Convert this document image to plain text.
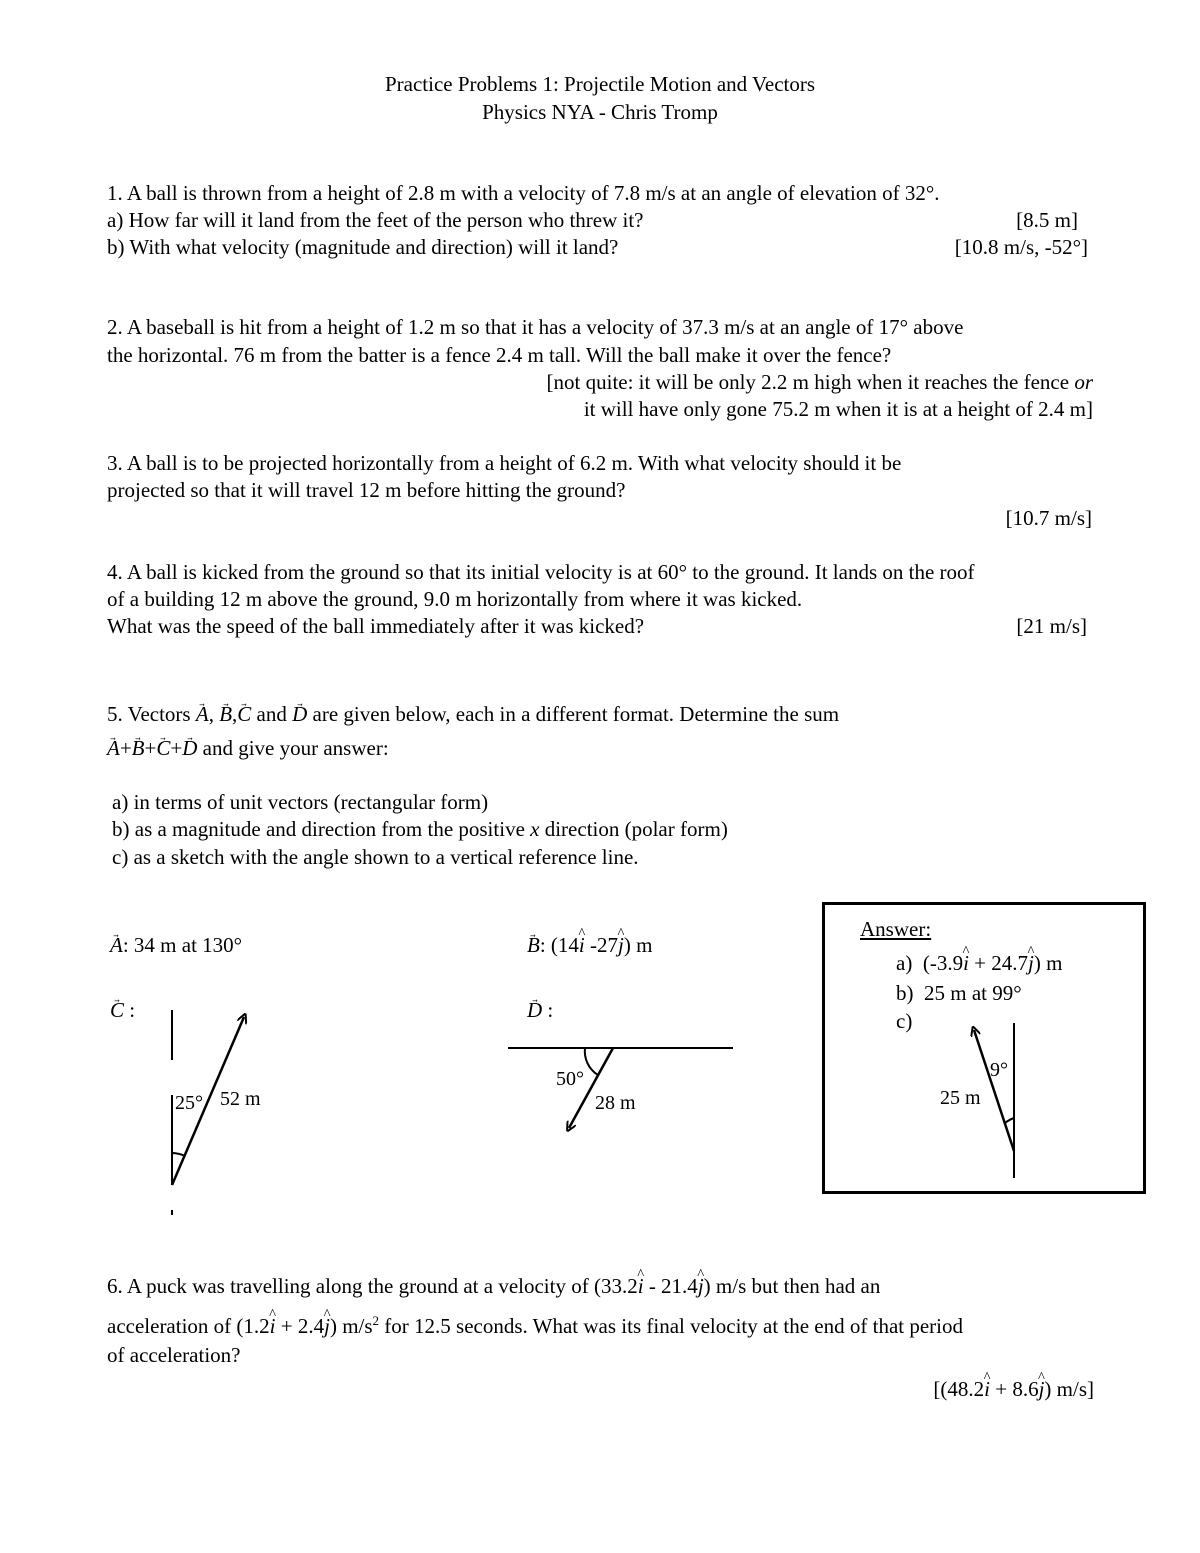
Practice Problems 1: Projectile Motion and Vectors
Physics NYA - Chris Tromp
1. A ball is thrown from a height of 2.8 m with a velocity of 7.8 m/s at an angle of elevation of 32°.
a) How far will it land from the feet of the person who threw it?	[8.5 m]
b) With what velocity (magnitude and direction) will it land?	[10.8 m/s, -52°]
2. A baseball is hit from a height of 1.2 m so that it has a velocity of 37.3 m/s at an angle of 17° above
the horizontal. 76 m from the batter is a fence 2.4 m tall. Will the ball make it over the fence?
[not quite: it will be only 2.2 m high when it reaches the fence or
it will have only gone 75.2 m when it is at a height of 2.4 m]
3. A ball is to be projected horizontally from a height of 6.2 m. With what velocity should it be
projected so that it will travel 12 m before hitting the ground?
[10.7 m/s]
4. A ball is kicked from the ground so that its initial velocity is at 60° to the ground. It lands on the roof
of a building 12 m above the ground, 9.0 m horizontally from where it was kicked.
What was the speed of the ball immediately after it was kicked?	[21 m/s]
5. Vectors → A, → B,→ C and → D are given below, each in a different format. Determine the sum
→ A+→ B+→ C+→ D and give your answer:
a) in terms of unit vectors (rectangular form)
b) as a magnitude and direction from the positive x direction (polar form)
c) as a sketch with the angle shown to a vertical reference line.
→ A: 34 m at 130°	→ B: (14^ i -27^ j) m
→ C :	→ D :
25° 52 m
50°
28 m
Answer:
a) (-3.9^ i + 24.7^ j) m
b) 25 m at 99°
c)
9°
25 m
6. A puck was travelling along the ground at a velocity of (33.2^ i - 21.4^ j) m/s but then had an
acceleration of (1.2^ i + 2.4^ j) $m/s^2$ for 12.5 seconds. What was its final velocity at the end of that period
of acceleration?
[(48.2^ i + 8.6^ j) m/s]
